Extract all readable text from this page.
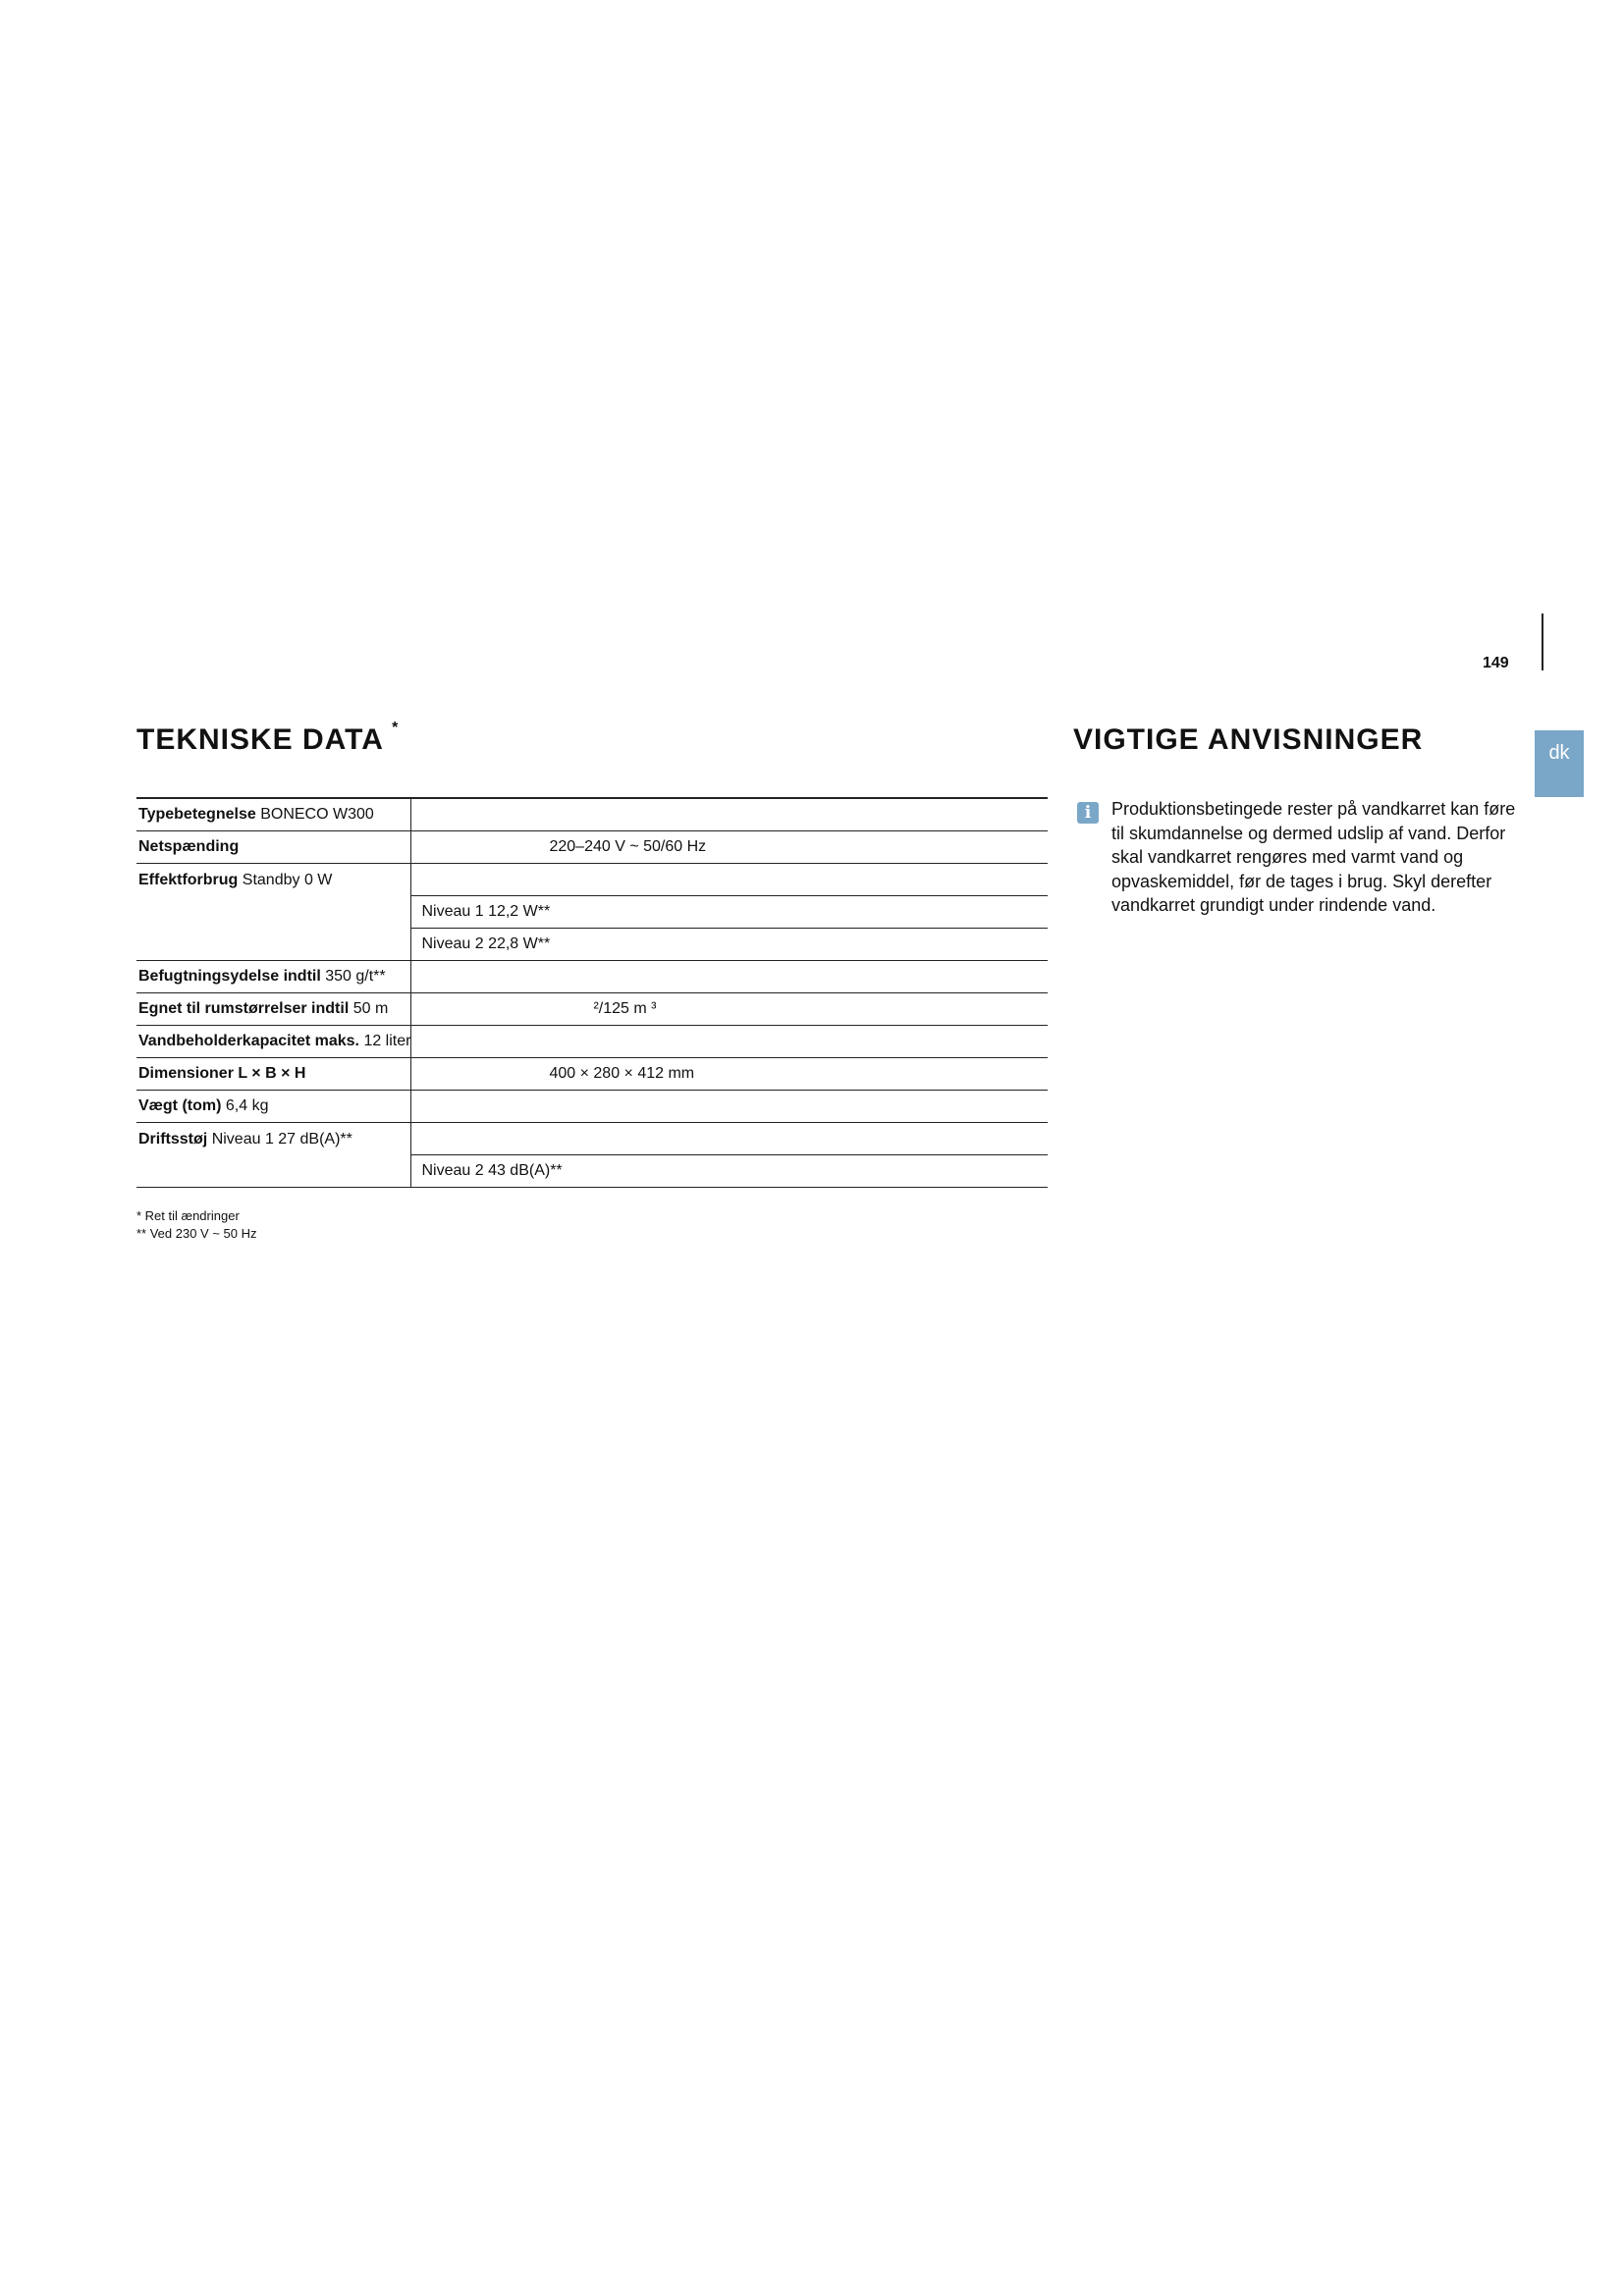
149
dk
TEKNISKE DATA *
Typebetegnelse BONECO W300	
Netspænding	220–240 V ~ 50/60 Hz
Effektforbrug Standby 0 W	
	Niveau 1 12,2 W**
	Niveau 2 22,8 W**
Befugtningsydelse indtil 350 g/t**	
Egnet til rumstørrelser indtil 50 m	²/125 m ³
Vandbeholderkapacitet maks. 12 liter	
Dimensioner L × B × H	400 × 280 × 412 mm
Vægt (tom) 6,4 kg	
Driftsstøj Niveau 1 27 dB(A)**	
	Niveau 2 43 dB(A)**
* Ret til ændringer
** Ved 230 V ~ 50 Hz
VIGTIGE ANVISNINGER
i	Produktionsbetingede rester på vandkarret kan føre til skumdannelse og dermed udslip af vand. Derfor skal vandkarret rengøres med varmt vand og opvaskemiddel, før de tages i brug. Skyl derefter vandkarret grundigt under rindende vand.
